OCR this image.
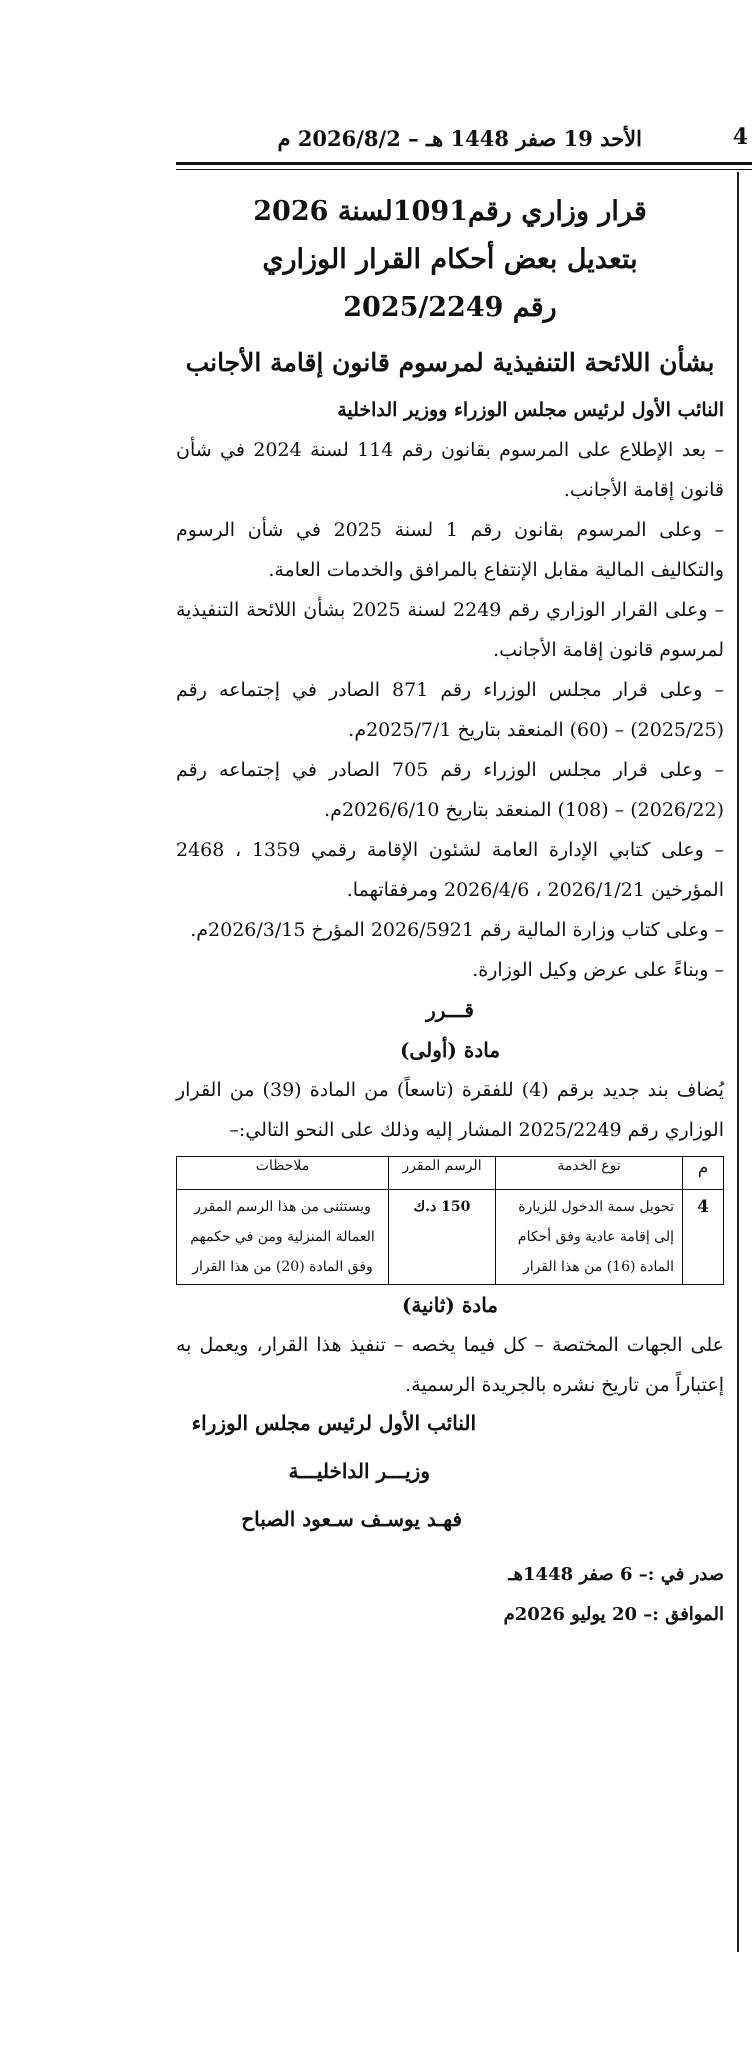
4
الأحد 19 صفر 1448 هـ – 2026/8/2 م
قرار وزاري رقم1091لسنة 2026
بتعديل بعض أحكام القرار الوزاري
رقم 2025/2249
بشأن اللائحة التنفيذية لمرسوم قانون إقامة الأجانب
النائب الأول لرئيس مجلس الوزراء ووزير الداخلية

– بعد الإطلاع على المرسوم بقانون رقم 114 لسنة 2024 في شأن قانون إقامة الأجانب.

– وعلى المرسوم بقانون رقم 1 لسنة 2025 في شأن الرسوم والتكاليف المالية مقابل الإنتفاع بالمرافق والخدمات العامة.

– وعلى القرار الوزاري رقم 2249 لسنة 2025 بشأن اللائحة التنفيذية لمرسوم قانون إقامة الأجانب.

– وعلى قرار مجلس الوزراء رقم 871 الصادر في إجتماعه رقم (2025/25) – (60) المنعقد بتاريخ 2025/7/1م.

– وعلى قرار مجلس الوزراء رقم 705 الصادر في إجتماعه رقم (2026/22) – (108) المنعقد بتاريخ 2026/6/10م.

– وعلى كتابي الإدارة العامة لشئون الإقامة رقمي 1359 ، 2468 المؤرخين 2026/1/21 ، 2026/4/6 ومرفقاتهما.

– وعلى كتاب وزارة المالية رقم 2026/5921 المؤرخ 2026/3/15م.

– وبناءً على عرض وكيل الوزارة.

قـــرر
مادة (أولى)

يُضاف بند جديد برقم (4) للفقرة (تاسعاً) من المادة (39) من القرار الوزاري رقم 2025/2249 المشار إليه وذلك على النحو التالي:–

م	نوع الخدمة	الرسم المقرر	ملاحظات
4	تحويل سمة الدخول للزيارة إلى إقامة عادية وفق أحكام المادة (16) من هذا القرار	150 د.ك	ويستثنى من هذا الرسم المقرر العمالة المنزلية ومن في حكمهم وفق المادة (20) من هذا القرار
مادة (ثانية)

على الجهات المختصة – كل فيما يخصه – تنفيذ هذا القرار، ويعمل به إعتباراً من تاريخ نشره بالجريدة الرسمية.

النائب الأول لرئيس مجلس الوزراء
وزيـــر الداخليـــة
فهـد يوسـف سـعود الصباح

صدر في :– 6 صفر 1448هـ

الموافق :– 20 يوليو 2026م
